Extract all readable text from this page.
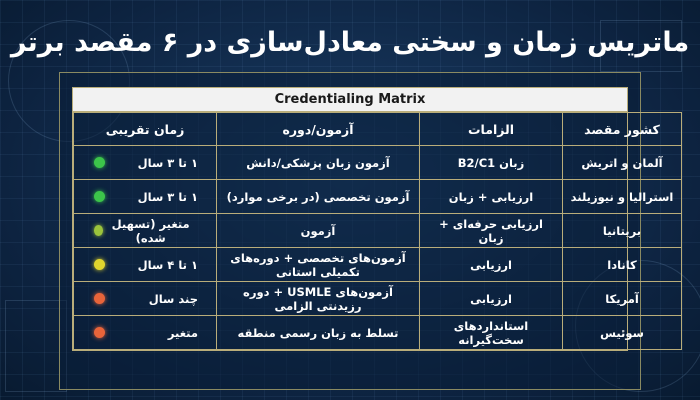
ماتریس زمان و سختی معادل‌سازی در ۶ مقصد برتر
Credentialing Matrix
کشور مقصد	الزامات	آزمون/دوره	زمان تقریبی
آلمان و اتریش	زبان B2/C1	آزمون زبان پزشکی/دانش	۱ تا ۳ سال

استرالیا و نیوزیلند	ارزیابی + زبان	آزمون تخصصی (در برخی موارد)	۱ تا ۳ سال

بریتانیا	ارزیابی حرفه‌ای + زبان	آزمون	متغیر (تسهیل شده)

کانادا	ارزیابی	آزمون‌های تخصصی + دوره‌های تکمیلی استانی	۱ تا ۴ سال

آمریکا	ارزیابی	آزمون‌های USMLE + دوره رزیدنتی الزامی	چند سال

سوئیس	استانداردهای سخت‌گیرانه	تسلط به زبان رسمی منطقه	متغیر
